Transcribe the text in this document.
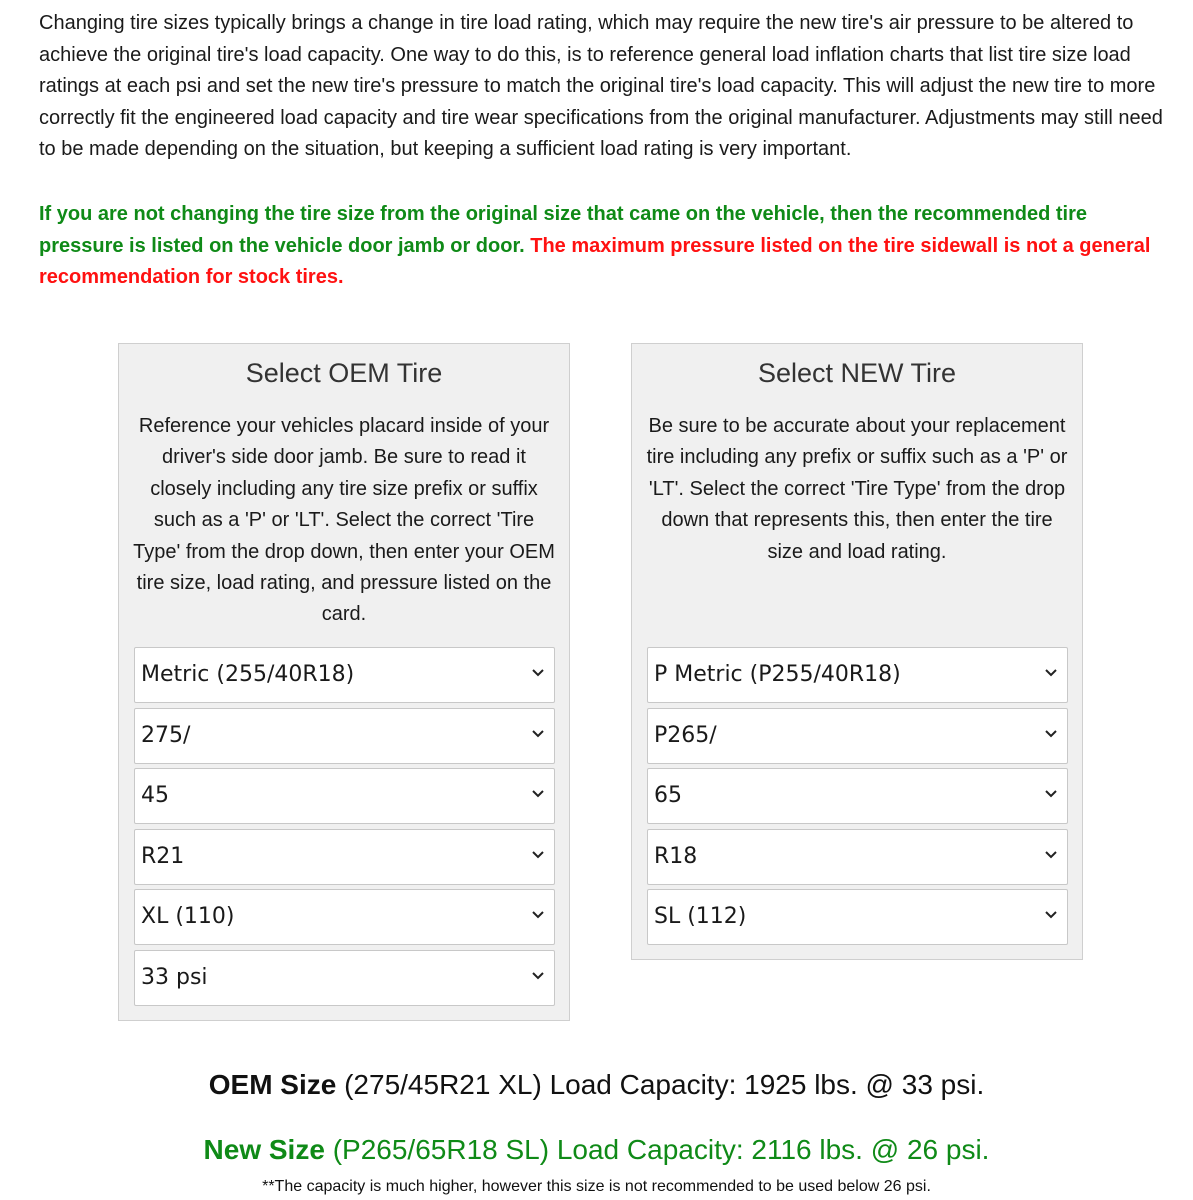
Changing tire sizes typically brings a change in tire load rating, which may require the new tire's air pressure to be altered to achieve the original tire's load capacity. One way to do this, is to reference general load inflation charts that list tire size load ratings at each psi and set the new tire's pressure to match the original tire's load capacity. This will adjust the new tire to more correctly fit the engineered load capacity and tire wear specifications from the original manufacturer. Adjustments may still need to be made depending on the situation, but keeping a sufficient load rating is very important.

If you are not changing the tire size from the original size that came on the vehicle, then the recommended tire pressure is listed on the vehicle door jamb or door. The maximum pressure listed on the tire sidewall is not a general recommendation for stock tires.

Select OEM Tire

Reference your vehicles placard inside of your driver's side door jamb. Be sure to read it closely including any tire size prefix or suffix such as a 'P' or 'LT'. Select the correct 'Tire Type' from the drop down, then enter your OEM tire size, load rating, and pressure listed on the card.

Metric (255/40R18)
275/
45
R21
XL (110)
33 psi
Select NEW Tire

Be sure to be accurate about your replacement tire including any prefix or suffix such as a 'P' or 'LT'. Select the correct 'Tire Type' from the drop down that represents this, then enter the tire size and load rating.

P Metric (P255/40R18)
P265/
65
R18
SL (112)

OEM Size (275/45R21 XL) Load Capacity: 1925 lbs. @ 33 psi.

New Size (P265/65R18 SL) Load Capacity: 2116 lbs. @ 26 psi.

**The capacity is much higher, however this size is not recommended to be used below 26 psi.
